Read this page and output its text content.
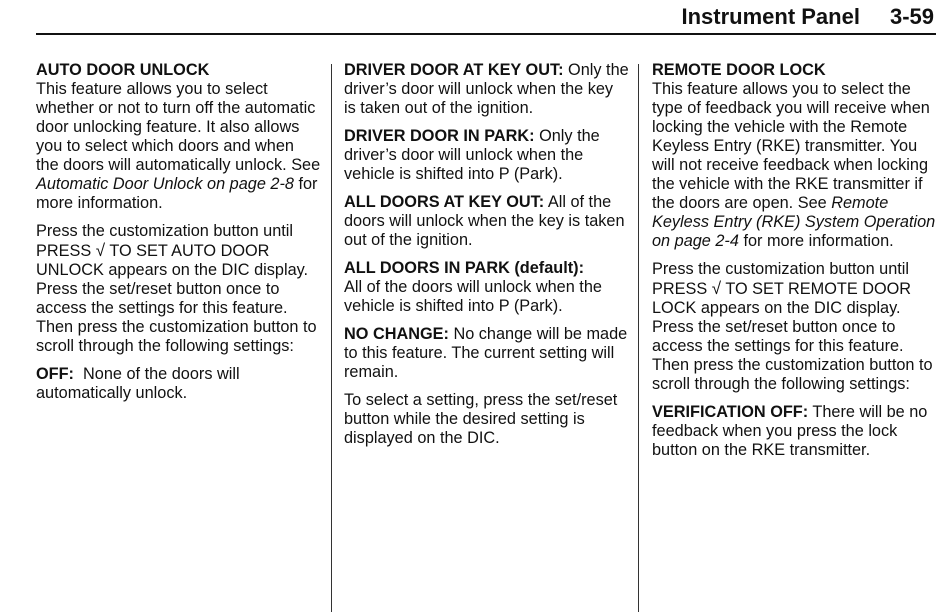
Instrument Panel 3-59

AUTO DOOR UNLOCK

This feature allows you to select whether or not to turn off the automatic door unlocking feature. It also allows you to select which doors and when the doors will automatically unlock. See Automatic Door Unlock on page 2-8 for more information.

Press the customization button until
PRESS √ TO SET AUTO DOOR
UNLOCK appears on the DIC display. Press the set/reset button once to access the settings for this feature. Then press the customization button to scroll through the following settings:

OFF: None of the doors will automatically unlock.

DRIVER DOOR AT KEY OUT: Only the driver’s door will unlock when the key is taken out of the ignition.

DRIVER DOOR IN PARK: Only the driver’s door will unlock when the vehicle is shifted into P (Park).

ALL DOORS AT KEY OUT: All of the doors will unlock when the key is taken out of the ignition.

ALL DOORS IN PARK (default):
All of the doors will unlock when the vehicle is shifted into P (Park).

NO CHANGE: No change will be made to this feature. The current setting will remain.

To select a setting, press the set/reset button while the desired setting is displayed on the DIC.

REMOTE DOOR LOCK

This feature allows you to select the type of feedback you will receive when locking the vehicle with the Remote Keyless Entry (RKE) transmitter. You will not receive feedback when locking the vehicle with the RKE transmitter if the doors are open. See Remote Keyless Entry (RKE) System Operation on page 2-4 for more information.

Press the customization button until
PRESS √ TO SET REMOTE DOOR
LOCK appears on the DIC display. Press the set/reset button once to access the settings for this feature. Then press the customization button to scroll through the following settings:

VERIFICATION OFF: There will be no feedback when you press the lock button on the RKE transmitter.
